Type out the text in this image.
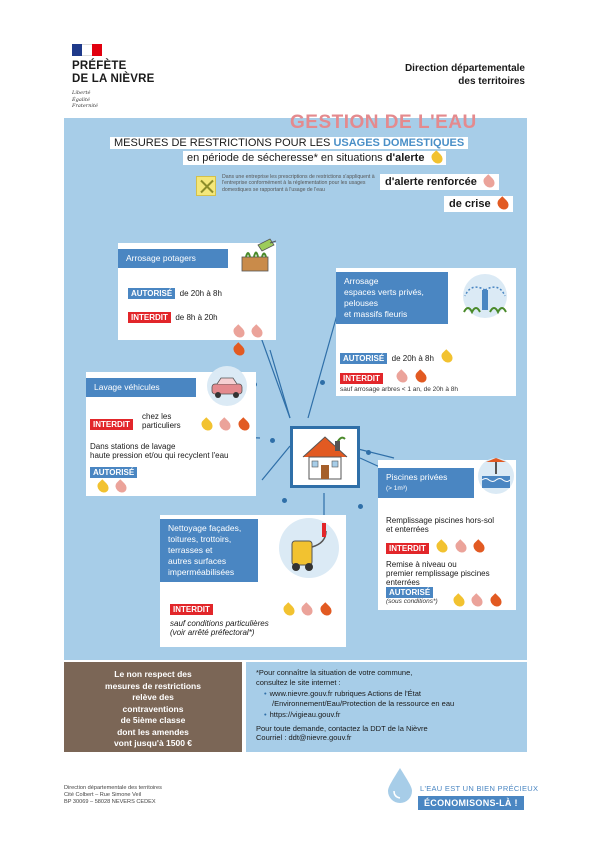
PRÉFÈTE
DE LA NIÈVRE
Liberté
Égalité
Fraternité
Direction départementale
des territoires
GESTION DE L'EAU
MESURES DE RESTRICTIONS POUR LES USAGES DOMESTIQUES
en période de sécheresse* en situations d'alerte
d'alerte renforcée
de crise
Dans une entreprise les prescriptions de restrictions s'appliquent à l'entreprise conformément à la réglementation pour les usages domestiques se rapportant à l'usage de l'eau
Arrosage potagers
AUTORISÉ de 20h à 8h
INTERDIT de 8h à 20h

Arrosage
espaces verts privés,
pelouses
et massifs fleuris
AUTORISÉ de 20h à 8h
INTERDIT
sauf arrosage arbres < 1 an, de 20h à 8h
Lavage véhicules
INTERDIT
chez les
particuliers

Dans stations de lavage
haute pression et/ou qui recyclent l'eau
AUTORISÉ
	Piscines privées
(> 1m³)
Remplissage piscines hors-sol
et enterrées
INTERDIT
Remise à niveau ou
premier remplissage piscines enterrées
AUTORISÉ
(sous conditions*)

Nettoyage façades,
toitures, trottoirs,
terrasses et
autres surfaces
imperméabilisées
INTERDIT

sauf conditions particulières
(voir arrêté préfectoral*)
Le non respect des
mesures de restrictions
relève des
contraventions
de 5ième classe
dont les amendes
vont jusqu'à 1500 €
*Pour connaître la situation de votre commune,
consultez le site internet :
• www.nievre.gouv.fr rubriques Actions de l'État
/Environnement/Eau/Protection de la ressource en eau
• https://vigieau.gouv.fr
Pour toute demande, contactez la DDT de la Nièvre
Courriel : ddt@nievre.gouv.fr
Direction départementale des territoires
Cité Colbert – Rue Simone Veil
BP 30069 – 58028 NEVERS CEDEX
L'EAU EST UN BIEN PRÉCIEUX
ÉCONOMISONS-LÀ !
